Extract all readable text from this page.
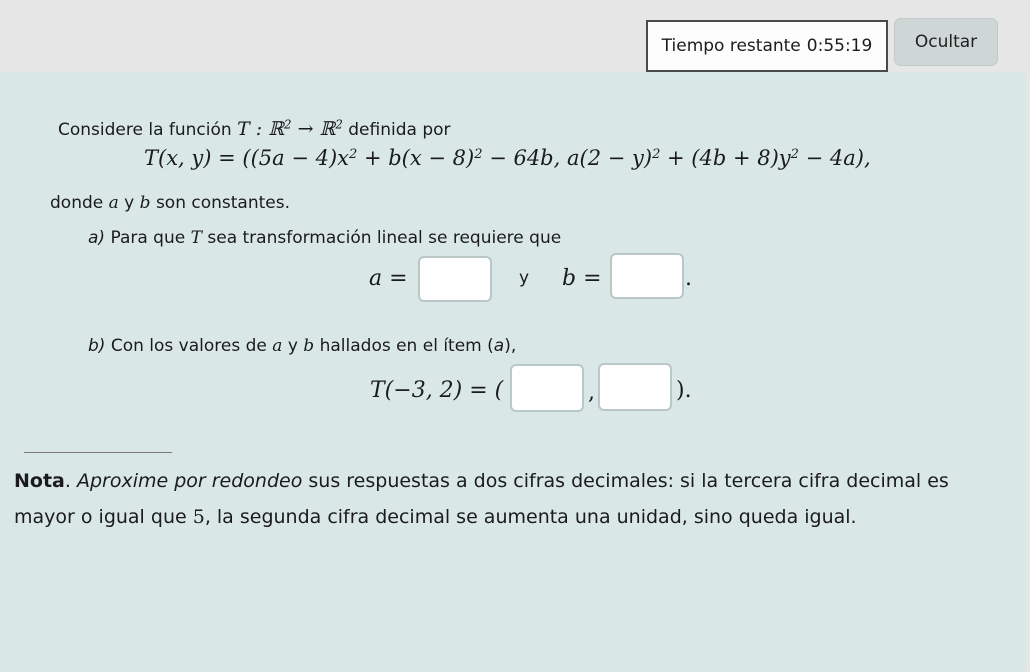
Tiempo restante 0:55:19	Ocultar
Considere la función T : ℝ$^2$ → ℝ$^2$ definida por
T(x, $y) = ((5a - 4)x^2 + b(x - 8)^2 - 64b$, $a(2 - y)^2 + (4b + 8)y^2 - 4a$),
donde a y b son constantes.
a) Para que T sea transformación lineal se requiere que
a =	y b =	.
b) Con los valores de a y b hallados en el ítem (a),
T(−3, 2) = (	,	).
Nota. Aproxime por redondeo sus respuestas a dos cifras decimales: si la tercera cifra decimal es
mayor o igual que 5, la segunda cifra decimal se aumenta una unidad, sino queda igual.
